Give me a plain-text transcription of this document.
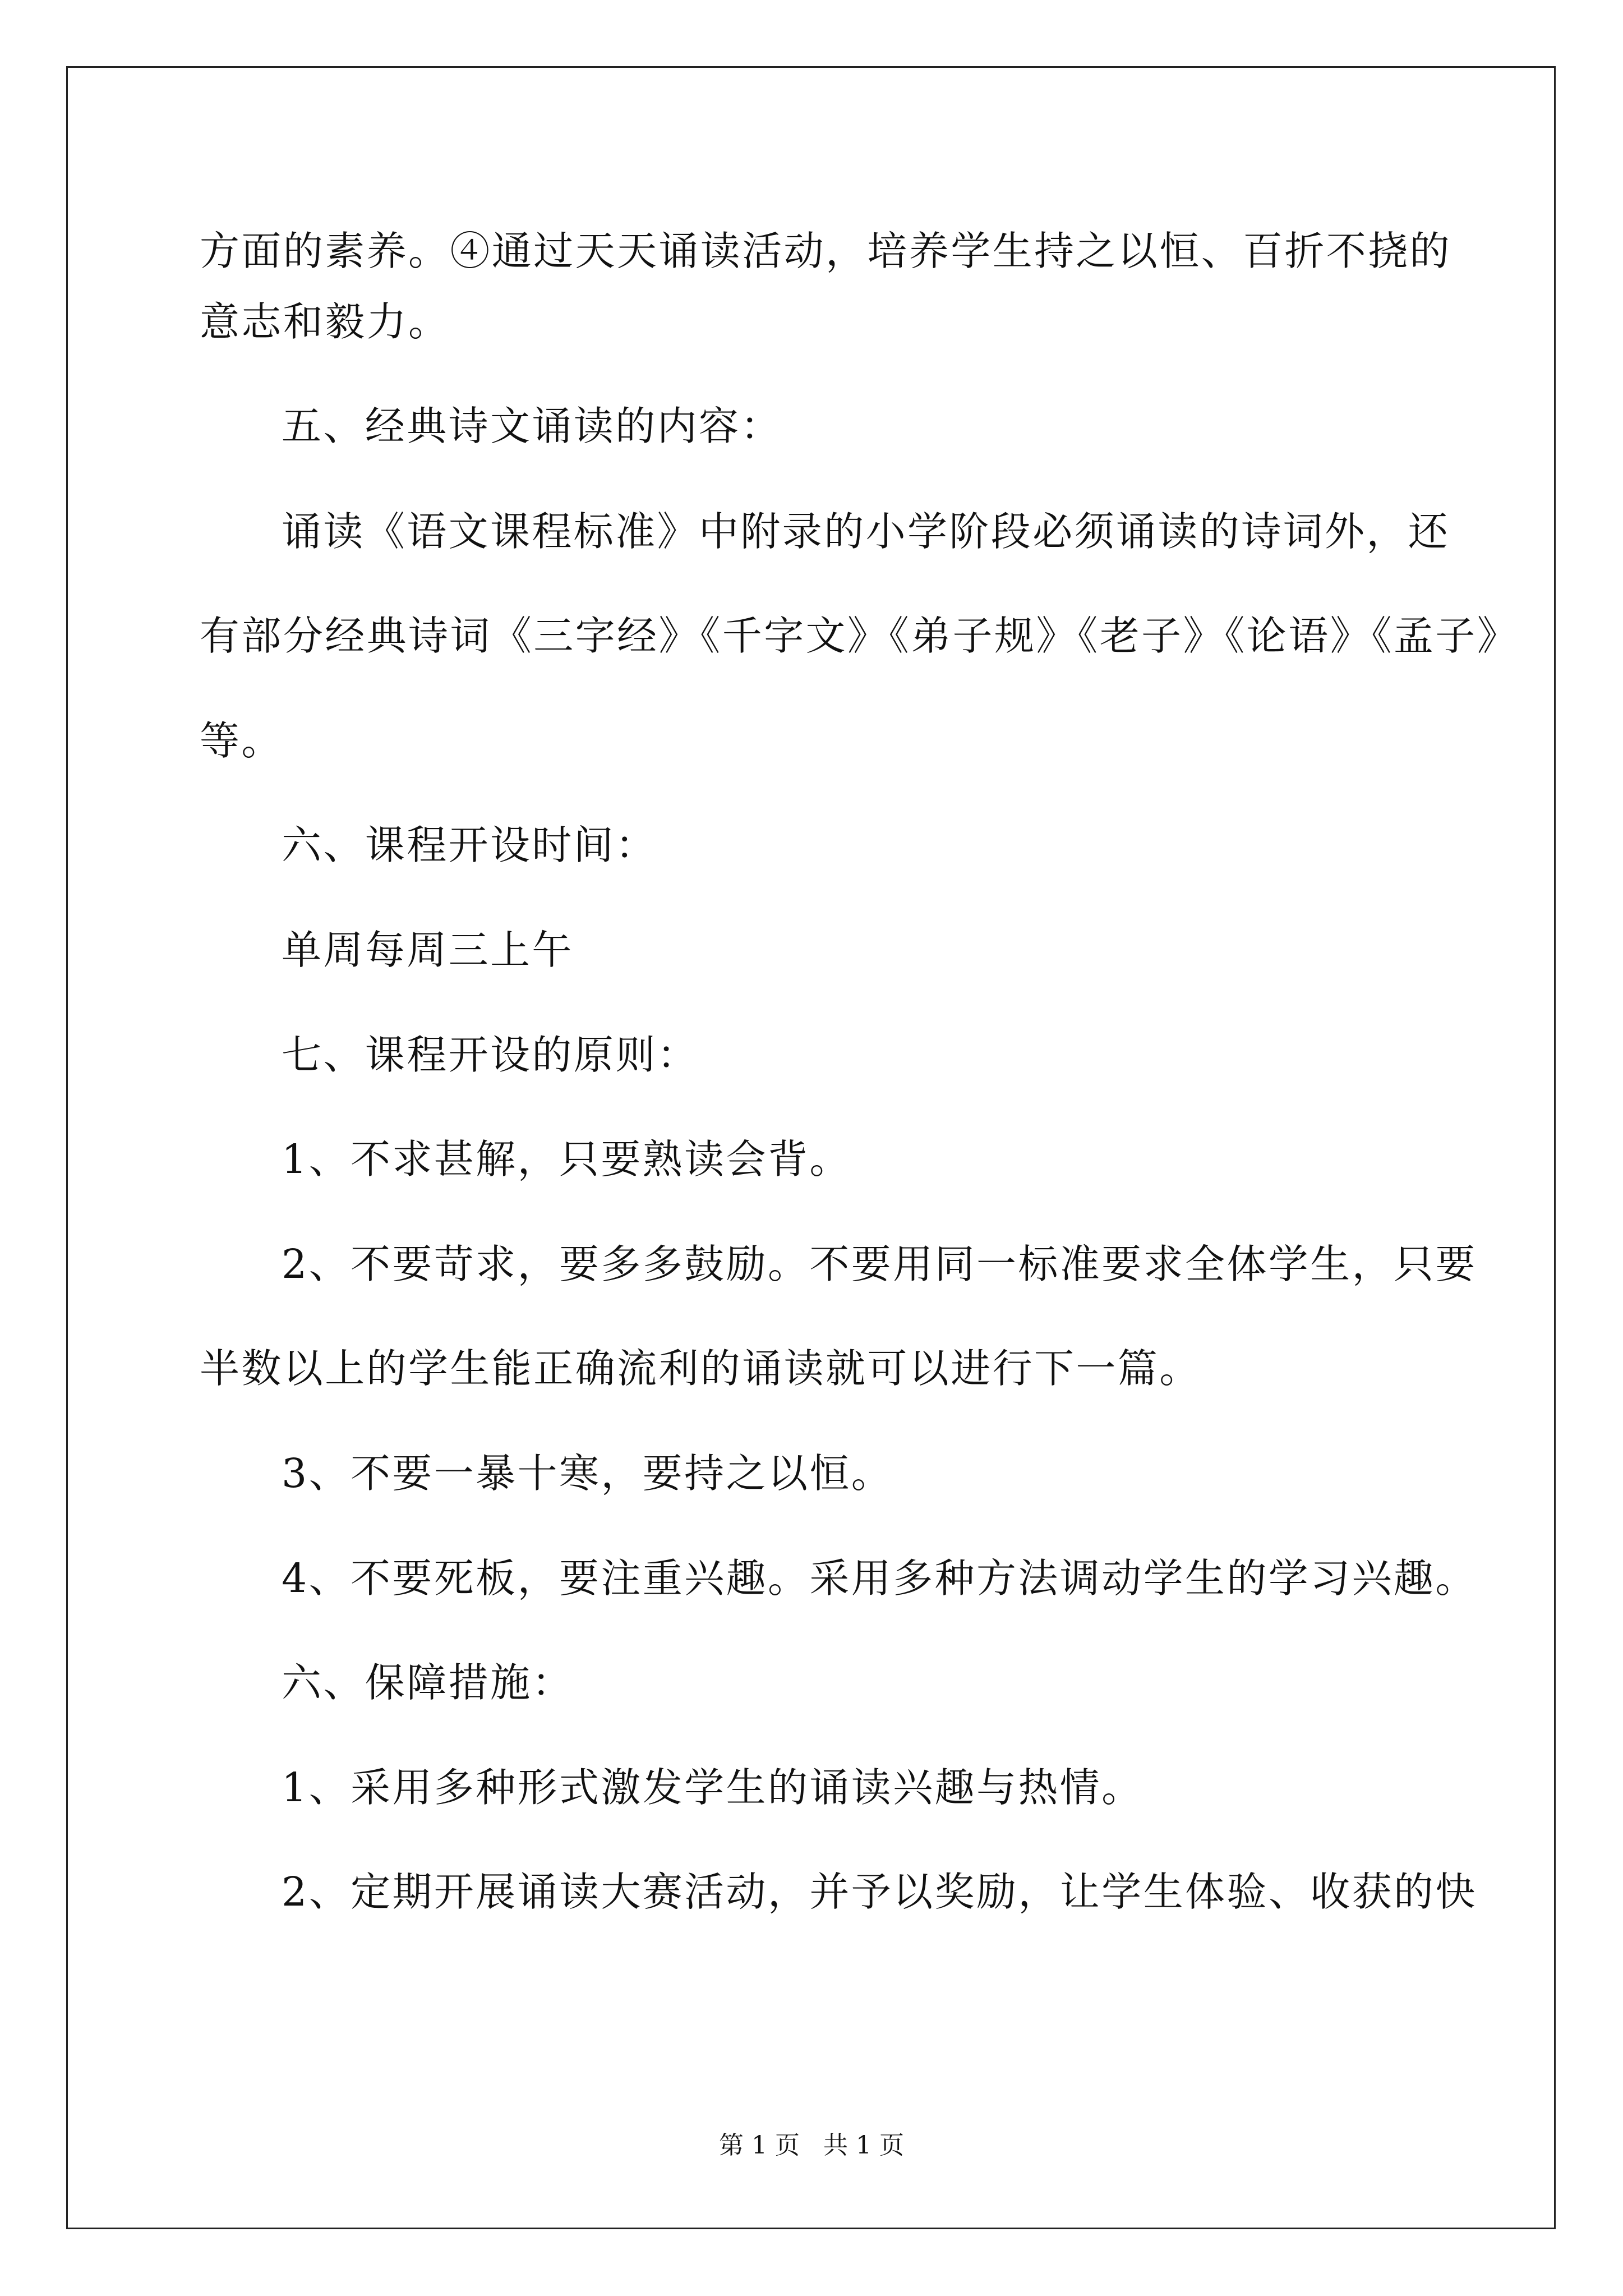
方面的素养。④通过天天诵读活动，培养学生持之以恒、百折不挠的
意志和毅力。
五、经典诗文诵读的内容：
诵读《语文课程标准》中附录的小学阶段必须诵读的诗词外，还
有部分经典诗词《三字经》《千字文》《弟子规》《老子》《论语》《孟子》
等。
六、课程开设时间：
单周每周三上午
七、课程开设的原则：
1、不求甚解，只要熟读会背。
2、不要苛求，要多多鼓励。不要用同一标准要求全体学生，只要
半数以上的学生能正确流利的诵读就可以进行下一篇。
3、不要一暴十寒，要持之以恒。
4、不要死板，要注重兴趣。采用多种方法调动学生的学习兴趣。
六、保障措施：
1、采用多种形式激发学生的诵读兴趣与热情。
2、定期开展诵读大赛活动，并予以奖励，让学生体验、收获的快
第 1 页   共 1 页
